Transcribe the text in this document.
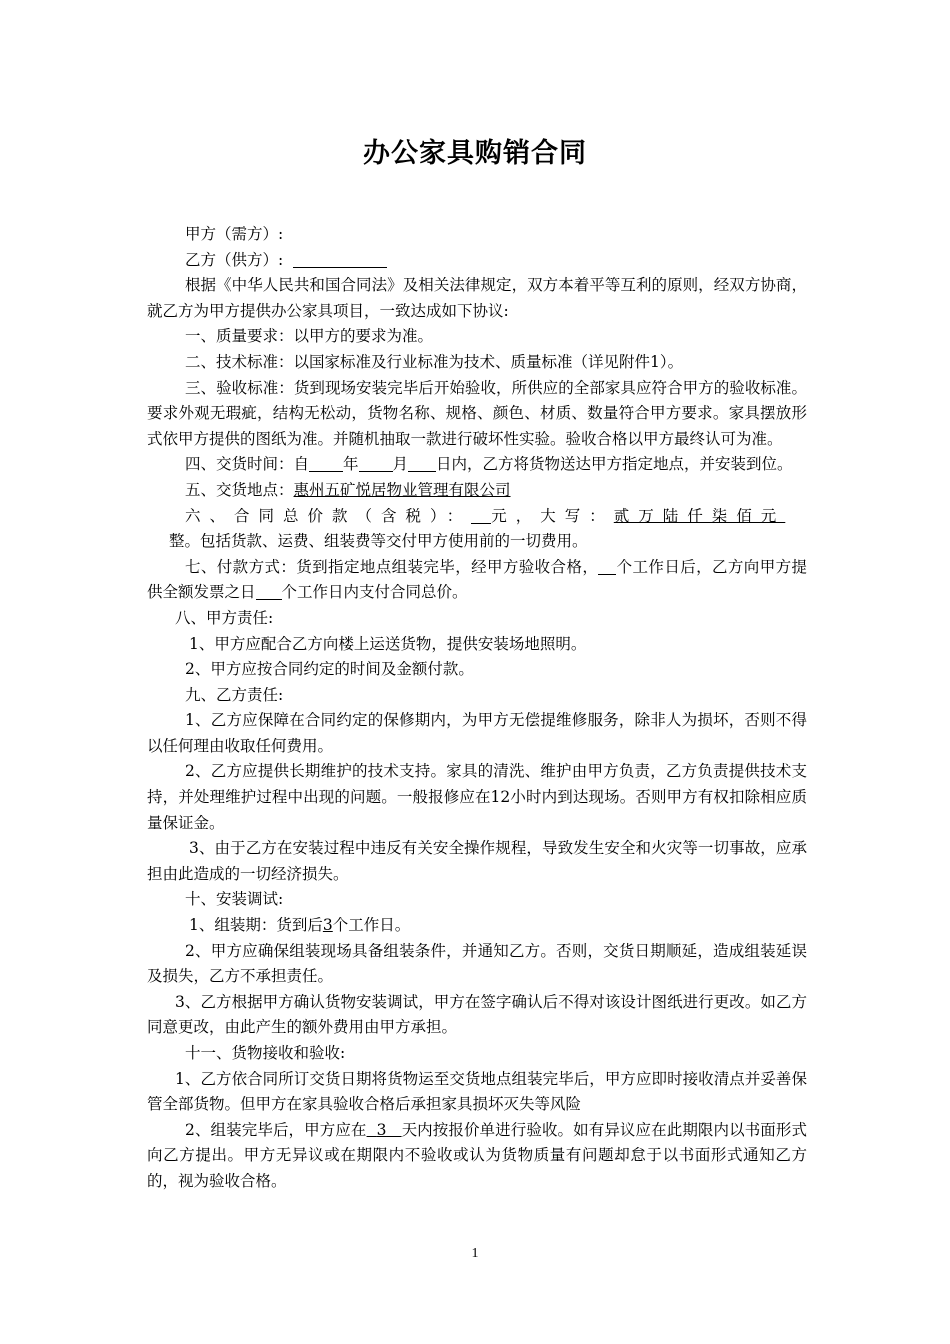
办公家具购销合同

甲方（需方）:

乙方（供方）:

根据《中华人民共和国合同法》及相关法律规定，双方本着平等互利的原则，经双方协商，就乙方为甲方提供办公家具项目，一致达成如下协议:

一、质量要求：以甲方的要求为准。

二、技术标准：以国家标准及行业标准为技术、质量标准（详见附件1）。

三、验收标准：货到现场安装完毕后开始验收，所供应的全部家具应符合甲方的验收标准。要求外观无瑕疵，结构无松动，货物名称、规格、颜色、材质、数量符合甲方要求。家具摆放形式依甲方提供的图纸为准。并随机抽取一款进行破坏性实验。验收合格以甲方最终认可为准。

四、交货时间：自 年 月 日内，乙方将货物送达甲方指定地点，并安装到位。

五、交货地点：惠州五矿悦居物业管理有限公司

六、合同总价款（含税）： 元，大写：贰万陆仟柒佰元

整。包括货款、运费、组装费等交付甲方使用前的一切费用。

七、付款方式：货到指定地点组装完毕，经甲方验收合格， 个工作日后，乙方向甲方提供全额发票之日 个工作日内支付合同总价。

八、甲方责任:

1、甲方应配合乙方向楼上运送货物，提供安装场地照明。

2、甲方应按合同约定的时间及金额付款。

九、乙方责任:

1、乙方应保障在合同约定的保修期内，为甲方无偿提维修服务，除非人为损坏，否则不得以任何理由收取任何费用。

2、乙方应提供长期维护的技术支持。家具的清洗、维护由甲方负责，乙方负责提供技术支持，并处理维护过程中出现的问题。一般报修应在12小时内到达现场。否则甲方有权扣除相应质量保证金。

3、由于乙方在安装过程中违反有关安全操作规程，导致发生安全和火灾等一切事故，应承担由此造成的一切经济损失。

十、安装调试:

1、组装期：货到后3个工作日。

2、甲方应确保组装现场具备组装条件，并通知乙方。否则，交货日期顺延，造成组装延误及损失，乙方不承担责任。

3、乙方根据甲方确认货物安装调试，甲方在签字确认后不得对该设计图纸进行更改。如乙方同意更改，由此产生的额外费用由甲方承担。

十一、货物接收和验收:

1、乙方依合同所订交货日期将货物运至交货地点组装完毕后，甲方应即时接收清点并妥善保管全部货物。但甲方在家具验收合格后承担家具损坏灭失等风险

2、组装完毕后，甲方应在 3 天内按报价单进行验收。如有异议应在此期限内以书面形式向乙方提出。甲方无异议或在期限内不验收或认为货物质量有问题却怠于以书面形式通知乙方的，视为验收合格。

1
